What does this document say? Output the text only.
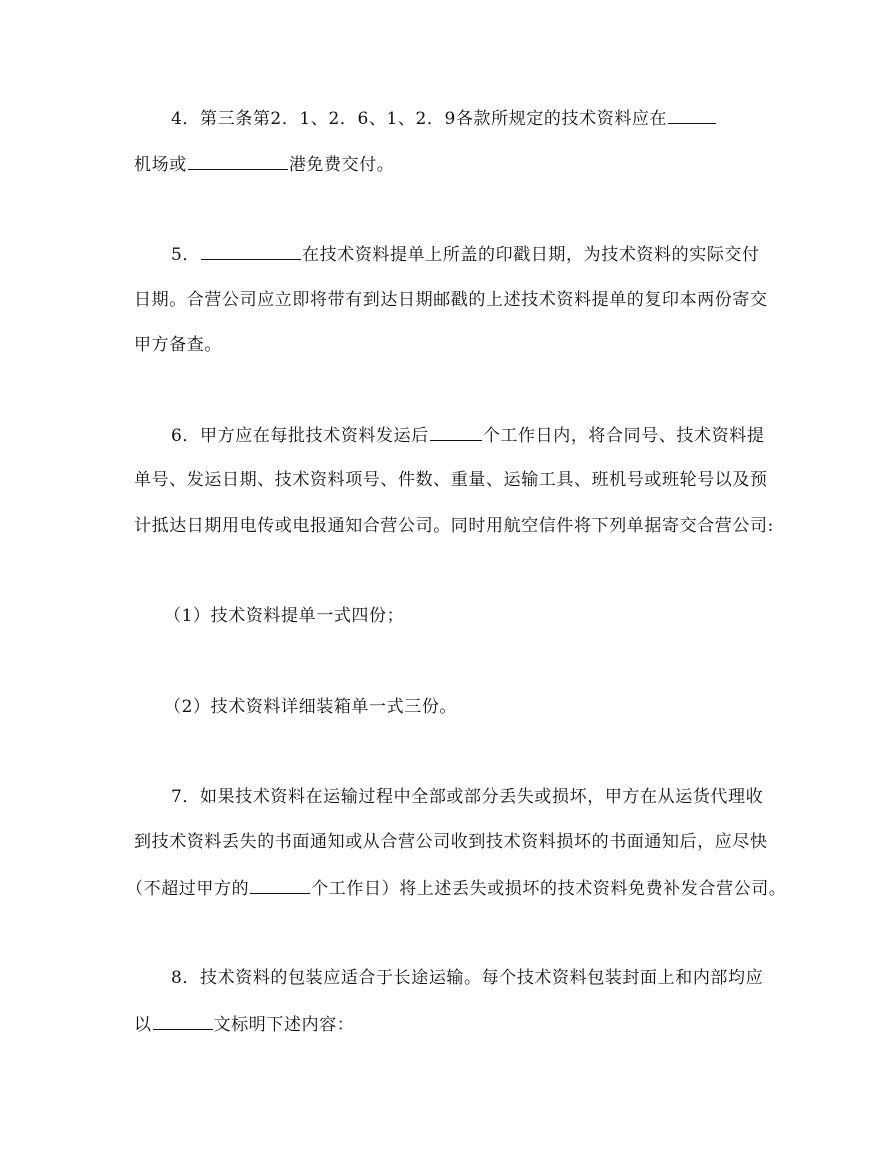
4．第三条第2．1、2．6、1、2．9各款所规定的技术资料应在
机场或	港免费交付。
5．	在技术资料提单上所盖的印戳日期，为技术资料的实际交付
日期。合营公司应立即将带有到达日期邮戳的上述技术资料提单的复印本两份寄交
甲方备查。
6．甲方应在每批技术资料发运后	个工作日内，将合同号、技术资料提
单号、发运日期、技术资料项号、件数、重量、运输工具、班机号或班轮号以及预
计抵达日期用电传或电报通知合营公司。同时用航空信件将下列单据寄交合营公司:
（1）技术资料提单一式四份；
（2）技术资料详细装箱单一式三份。
7．如果技术资料在运输过程中全部或部分丢失或损坏，甲方在从运货代理收
到技术资料丢失的书面通知或从合营公司收到技术资料损坏的书面通知后，应尽快
（不超过甲方的	个工作日）将上述丢失或损坏的技术资料免费补发合营公司。
8．技术资料的包装应适合于长途运输。每个技术资料包装封面上和内部均应
以	文标明下述内容：
